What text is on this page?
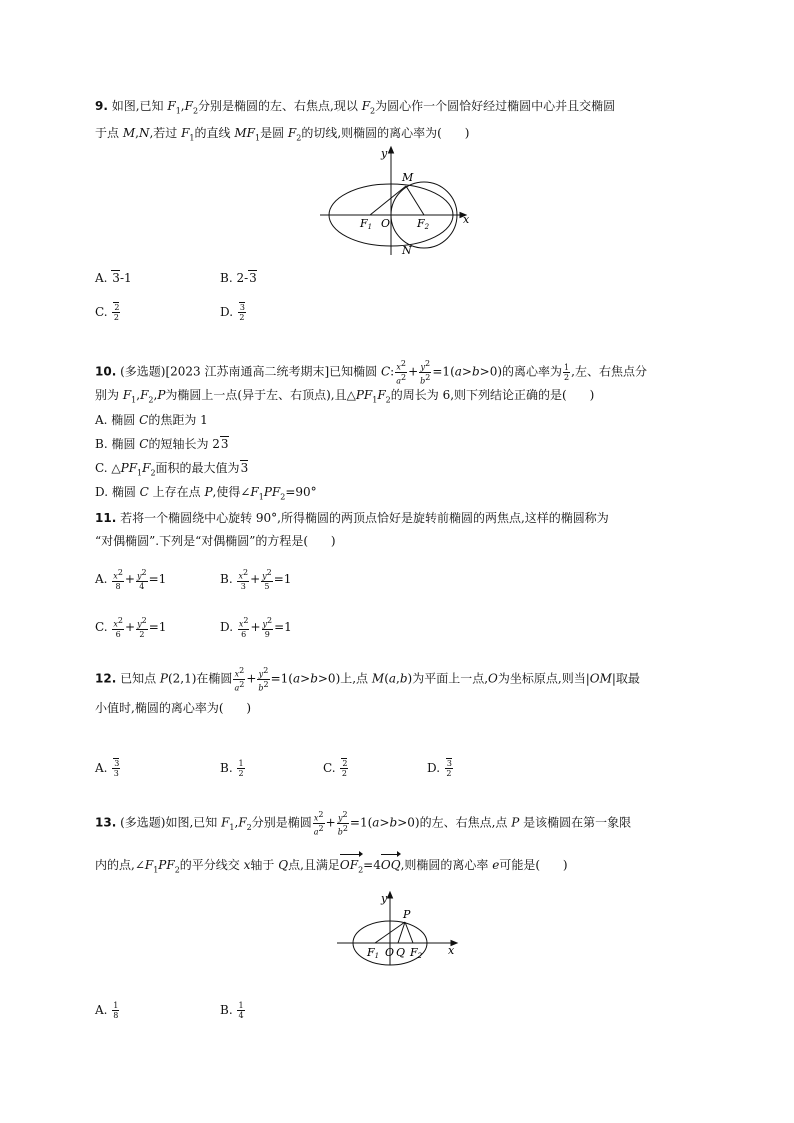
9. 如图,已知 $F_1,F_2$分别是椭圆的左、右焦点,现以 $F_2$为圆心作一个圆恰好经过椭圆中心并且交椭圆
于点 M,N,若过 $F_1$的直线 $MF_1$是圆 $F_2$的切线,则椭圆的离心率为(      )
y
M
F1 O F2
x
N
A. 3-1	B. 2-3
C. $\frac{2}{2}$	D. $\frac{3}{2}$
10. (多选题)[2023 江苏南通高二统考期末]已知椭圆 C: $\frac{x^2}{a^2} + \frac{y^2}{b^2} =1(a>b>0)$的离心率为 $\frac{1}{2}$ ,左、右焦点分
别为 $F_1,F_2,P$为椭圆上一点(异于左、右顶点),且$\triangle PF_1F_2$的周长为 6,则下列结论正确的是(      )
A. 椭圆 C的焦距为 1
B. 椭圆 C的短轴长为 23
C. $\triangle PF_1F_2$面积的最大值为3
D. 椭圆 C 上存在点 P,使得$\angle F_1PF_2=90^\circ$
11. 若将一个椭圆绕中心旋转 90°,所得椭圆的两顶点恰好是旋转前椭圆的两焦点,这样的椭圆称为
“对偶椭圆”.下列是“对偶椭圆”的方程是(      )
A. $\frac{x^2}{8} + \frac{y^2}{4} =1$	B. $\frac{x^2}{3} + \frac{y^2}{5} =1$
C. $\frac{x^2}{6} + \frac{y^2}{2} =1$	D. $\frac{x^2}{6} + \frac{y^2}{9} =1$
12. 已知点 P(2,1)在椭圆 $\frac{x^2}{a^2} + \frac{y^2}{b^2} =1(a>b>0)$上,点 M(a,b)为平面上一点,O为坐标原点,则当|OM|取最
小值时,椭圆的离心率为(      )
A. $\frac{3}{3}$	B. $\frac{1}{2}$	C. $\frac{2}{2}$	D. $\frac{3}{2}$
13. (多选题)如图,已知 $F_1,F_2$分别是椭圆 $\frac{x^2}{a^2} + \frac{y^2}{b^2} =1(a>b>0)$的左、右焦点,点 P 是该椭圆在第一象限
内的点$,\angle F_1PF_2$的平分线交 x轴于 Q点,且满足$OF_2=4OQ$,则椭圆的离心率 e可能是(      )
y
P
F1 O Q F2 x
A. $\frac{1}{8}$	B. $\frac{1}{4}$
